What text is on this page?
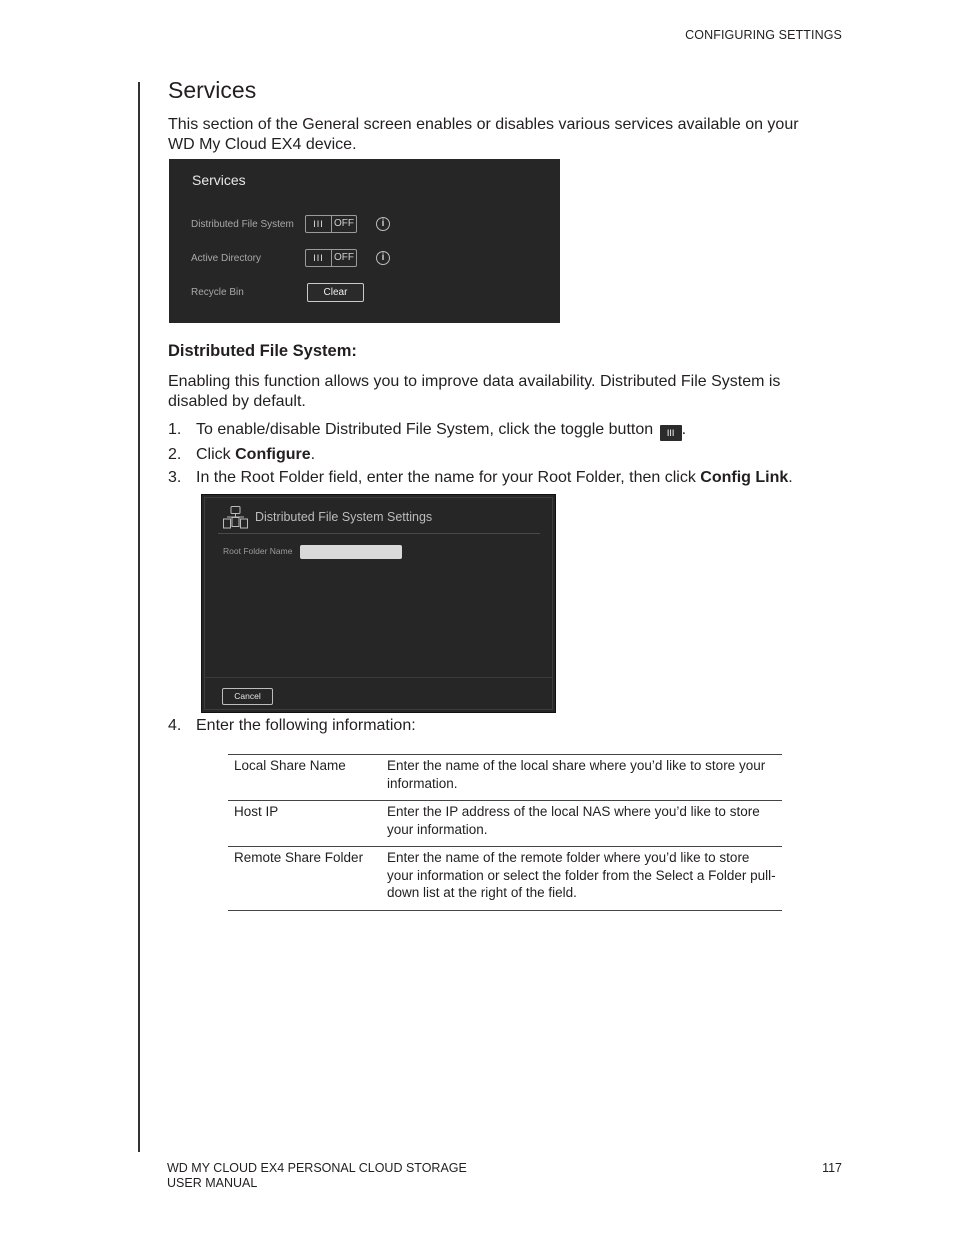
CONFIGURING SETTINGS
Services
This section of the General screen enables or disables various services available on your WD My Cloud EX4 device.
Services
Distributed File System	III	OFF	i
Active Directory	III	OFF	i
Recycle Bin	Clear
Distributed File System:
Enabling this function allows you to improve data availability. Distributed File System is disabled by default.
1. To enable/disable Distributed File System, click the toggle button III .
2. Click Configure.
3. In the Root Folder field, enter the name for your Root Folder, then click Config Link.
Distributed File System Settings
Root Folder Name
Cancel
4. Enter the following information:
Local Share Name	Enter the name of the local share where you’d like to store your information.
Host IP	Enter the IP address of the local NAS where you’d like to store your information.
Remote Share Folder	Enter the name of the remote folder where you’d like to store your information or select the folder from the Select a Folder pull-down list at the right of the field.
WD MY CLOUD EX4 PERSONAL CLOUD STORAGE
USER MANUAL
117
